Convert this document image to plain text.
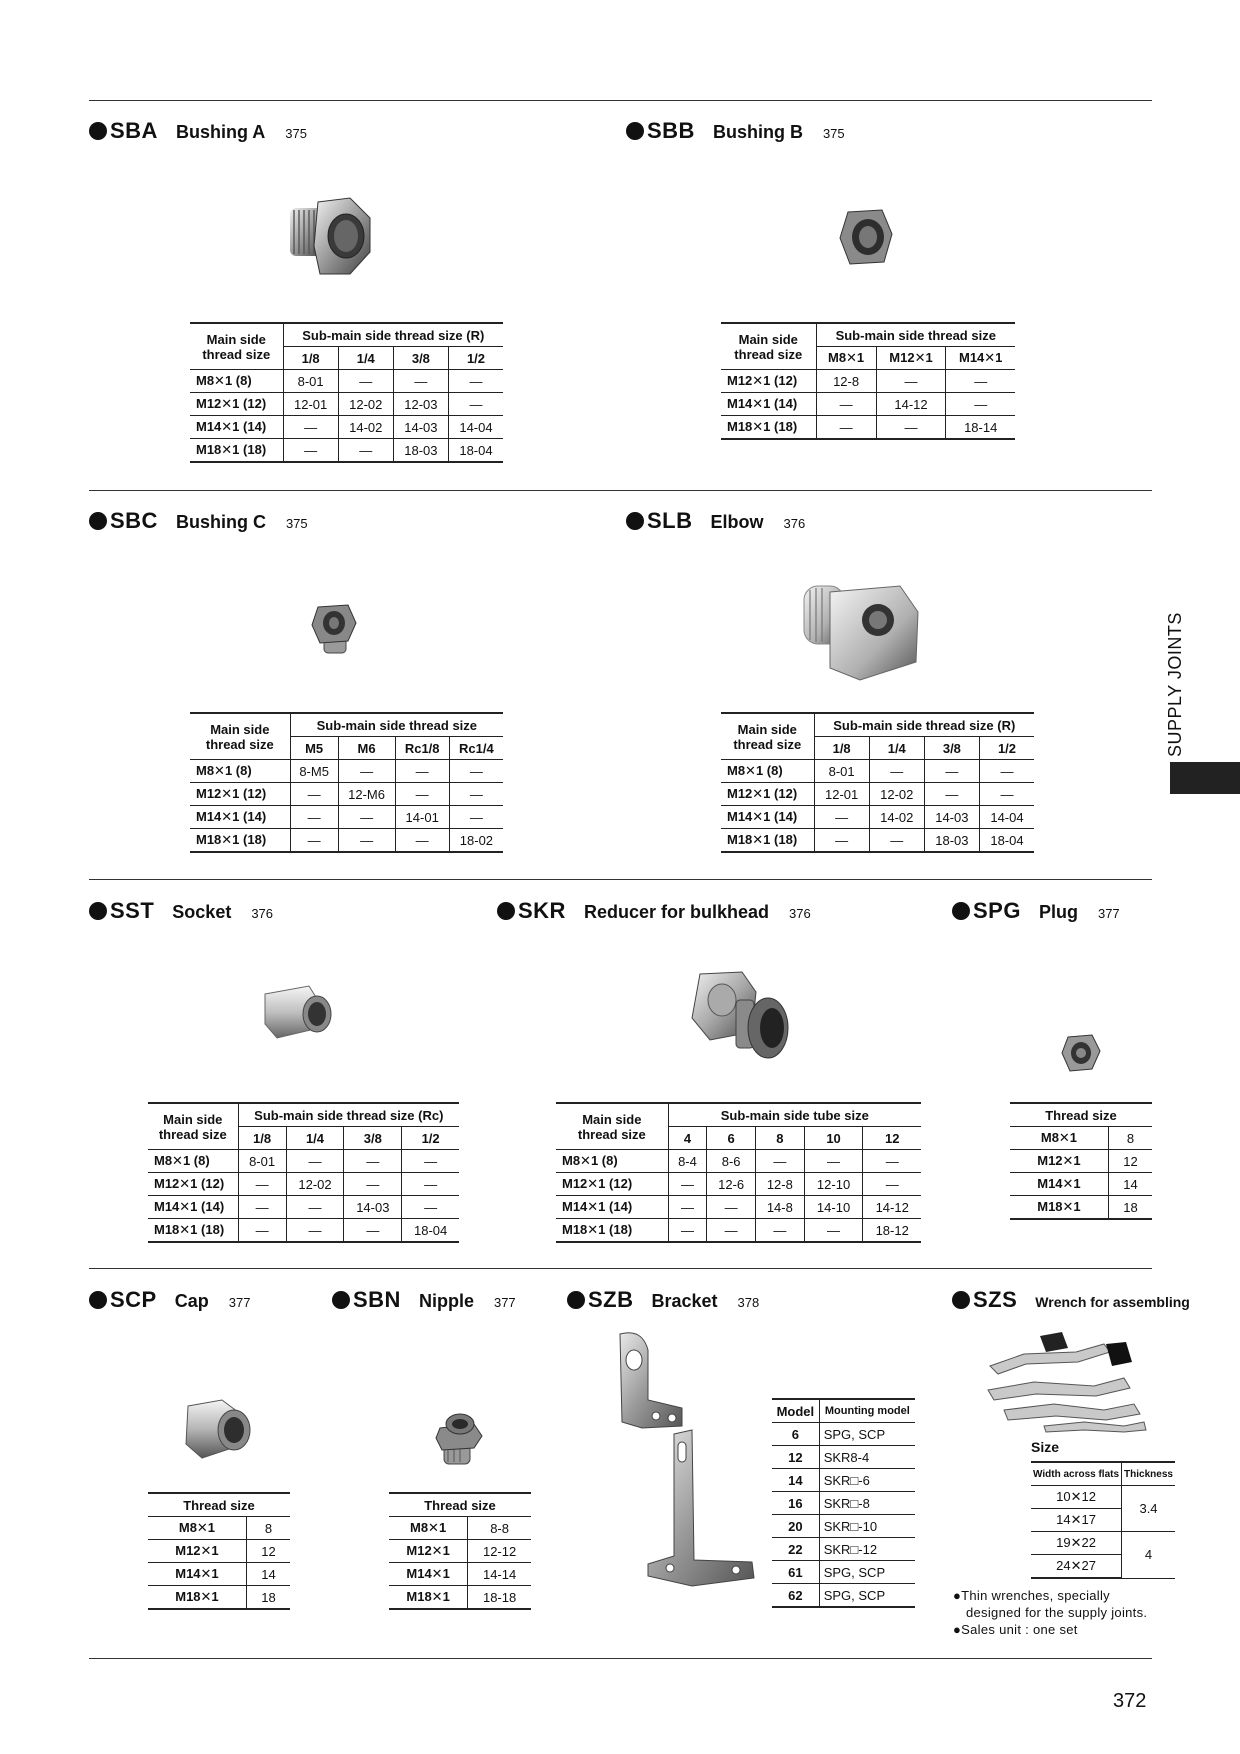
SUPPLY JOINTS
SBA Bushing A 375
Main side
thread size	Sub-main side thread size (R)			
	1/8	1/4	3/8	1/2
M8✕1 (8)	8-01	—	—	—
M12✕1 (12)	12-01	12-02	12-03	—
M14✕1 (14)	—	14-02	14-03	14-04
M18✕1 (18)	—	—	18-03	18-04
SBB Bushing B 375
Main side
thread size	Sub-main side thread size		
	M8✕1	M12✕1	M14✕1
M12✕1 (12)	12-8	—	—
M14✕1 (14)	—	14-12	—
M18✕1 (18)	—	—	18-14
SBC Bushing C 375
Main side
thread size	Sub-main side thread size			
	M5	M6	Rc1/8	Rc1/4
M8✕1 (8)	8-M5	—	—	—
M12✕1 (12)	—	12-M6	—	—
M14✕1 (14)	—	—	14-01	—
M18✕1 (18)	—	—	—	18-02
SLB Elbow 376
Main side
thread size	Sub-main side thread size (R)			
	1/8	1/4	3/8	1/2
M8✕1 (8)	8-01	—	—	—
M12✕1 (12)	12-01	12-02	—	—
M14✕1 (14)	—	14-02	14-03	14-04
M18✕1 (18)	—	—	18-03	18-04
SST Socket 376
Main side
thread size	Sub-main side thread size (Rc)			
	1/8	1/4	3/8	1/2
M8✕1 (8)	8-01	—	—	—
M12✕1 (12)	—	12-02	—	—
M14✕1 (14)	—	—	14-03	—
M18✕1 (18)	—	—	—	18-04
SKR Reducer for bulkhead 376
Main side
thread size	Sub-main side tube size				
	4	6	8	10	12
M8✕1 (8)	8-4	8-6	—	—	—
M12✕1 (12)	—	12-6	12-8	12-10	—
M14✕1 (14)	—	—	14-8	14-10	14-12
M18✕1 (18)	—	—	—	—	18-12
SPG Plug 377
Thread size	
M8✕1	8
M12✕1	12
M14✕1	14
M18✕1	18
SCP Cap 377
Thread size	
M8✕1	8
M12✕1	12
M14✕1	14
M18✕1	18
SBN Nipple 377
Thread size	
M8✕1	8-8
M12✕1	12-12
M14✕1	14-14
M18✕1	18-18
SZB Bracket 378
Model	Mounting model
6	SPG, SCP
12	SKR8-4
14	SKR□-6
16	SKR□-8
20	SKR□-10
22	SKR□-12
61	SPG, SCP
62	SPG, SCP
SZS Wrench for assembling
Size
Width across flats	Thickness
10✕12	3.4
14✕17	
19✕22	4
24✕27	

●Thin wrenches, specially designed for the supply joints.

●Sales unit : one set

372
